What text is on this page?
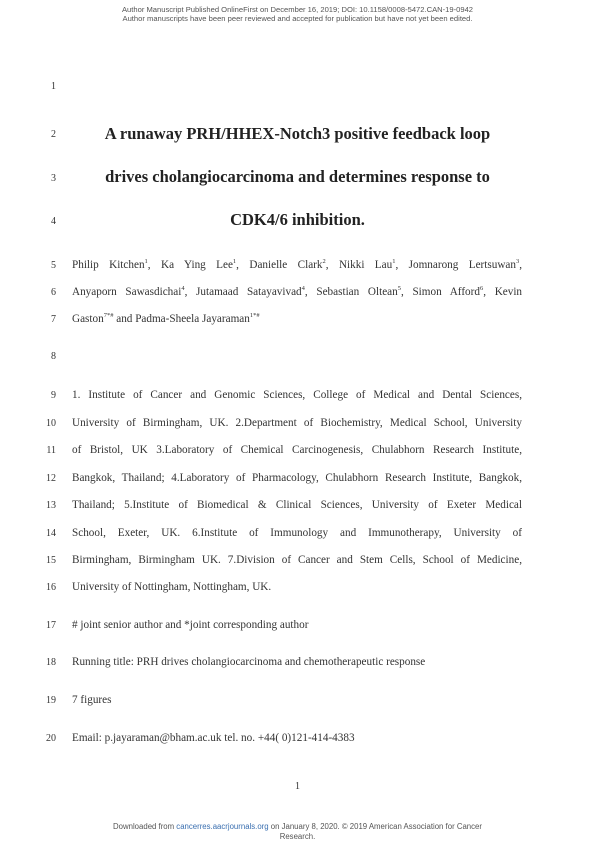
Author Manuscript Published OnlineFirst on December 16, 2019; DOI: 10.1158/0008-5472.CAN-19-0942
Author manuscripts have been peer reviewed and accepted for publication but have not yet been edited.
1
2
3
4
5
6
7
8
9
10
11
12
13
14
15
16
17
18
19
20
A runaway PRH/HHEX-Notch3 positive feedback loop
drives cholangiocarcinoma and determines response to
CDK4/6 inhibition.
Philip Kitchen$^1$, Ka Ying Lee$^1$, Danielle Clark$^2$, Nikki Lau$^1$, Jomnarong Lertsuwan$^3$,
Anyaporn Sawasdichai$^4$, Jutamaad Satayavivad$^4$, Sebastian Oltean$^5$, Simon Afford$^6$, Kevin
Gaston$^{7*\#}$ and Padma-Sheela Jayaraman$^{1*\#}$
1. Institute of Cancer and Genomic Sciences, College of Medical and Dental Sciences,
University of Birmingham, UK. 2.Department of Biochemistry, Medical School, University
of Bristol, UK 3.Laboratory of Chemical Carcinogenesis, Chulabhorn Research Institute,
Bangkok, Thailand; 4.Laboratory of Pharmacology, Chulabhorn Research Institute, Bangkok,
Thailand; 5.Institute of Biomedical & Clinical Sciences, University of Exeter Medical
School, Exeter, UK. 6.Institute of Immunology and Immunotherapy, University of
Birmingham, Birmingham UK. 7.Division of Cancer and Stem Cells, School of Medicine,
University of Nottingham, Nottingham, UK.
# joint senior author and *joint corresponding author
Running title: PRH drives cholangiocarcinoma and chemotherapeutic response
7 figures
Email: p.jayaraman@bham.ac.uk tel. no. +44( 0)121-414-4383
1
Downloaded from cancerres.aacrjournals.org on January 8, 2020. © 2019 American Association for Cancer
Research.
